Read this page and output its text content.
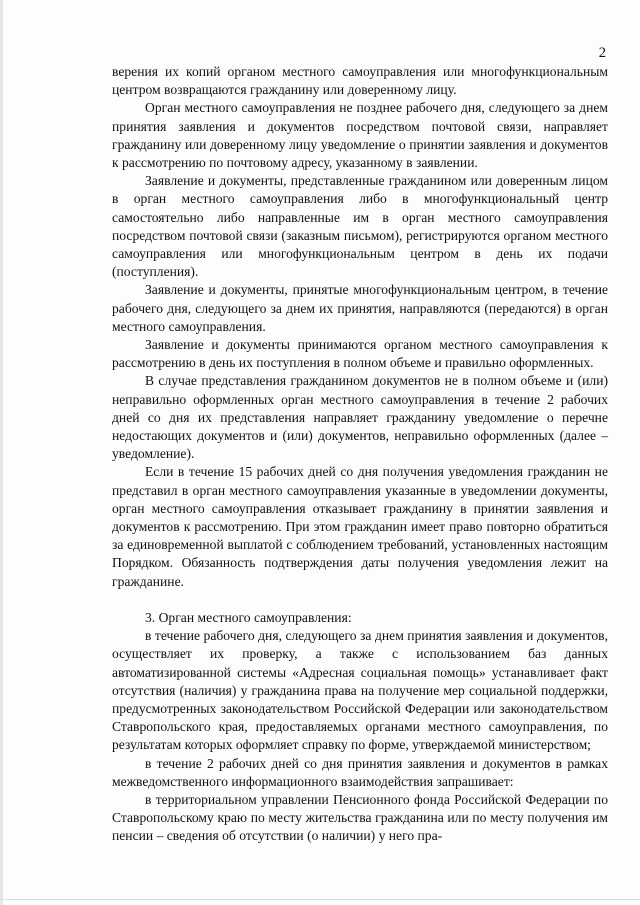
2

верения их копий органом местного самоуправления или многофункциональным центром возвращаются гражданину или доверенному лицу.

Орган местного самоуправления не позднее рабочего дня, следующего за днем принятия заявления и документов посредством почтовой связи, направляет гражданину или доверенному лицу уведомление о принятии заявления и документов к рассмотрению по почтовому адресу, указанному в заявлении.

Заявление и документы, представленные гражданином или доверенным лицом в орган местного самоуправления либо в многофункциональный центр самостоятельно либо направленные им в орган местного самоуправления посредством почтовой связи (заказным письмом), регистрируются органом местного самоуправления или многофункциональным центром в день их подачи (поступления).

Заявление и документы, принятые многофункциональным центром, в течение рабочего дня, следующего за днем их принятия, направляются (передаются) в орган местного самоуправления.

Заявление и документы принимаются органом местного самоуправления к рассмотрению в день их поступления в полном объеме и правильно оформленных.

В случае представления гражданином документов не в полном объеме и (или) неправильно оформленных орган местного самоуправления в течение 2 рабочих дней со дня их представления направляет гражданину уведомление о перечне недостающих документов и (или) документов, неправильно оформленных (далее – уведомление).

Если в течение 15 рабочих дней со дня получения уведомления гражданин не представил в орган местного самоуправления указанные в уведомлении документы, орган местного самоуправления отказывает гражданину в принятии заявления и документов к рассмотрению. При этом гражданин имеет право повторно обратиться за единовременной выплатой с соблюдением требований, установленных настоящим Порядком. Обязанность подтверждения даты получения уведомления лежит на гражданине.

3. Орган местного самоуправления:

в течение рабочего дня, следующего за днем принятия заявления и документов, осуществляет их проверку, а также с использованием баз данных автоматизированной системы «Адресная социальная помощь» устанавливает факт отсутствия (наличия) у гражданина права на получение мер социальной поддержки, предусмотренных законодательством Российской Федерации или законодательством Ставропольского края, предоставляемых органами местного самоуправления, по результатам которых оформляет справку по форме, утверждаемой министерством;

в течение 2 рабочих дней со дня принятия заявления и документов в рамках межведомственного информационного взаимодействия запрашивает:

в территориальном управлении Пенсионного фонда Российской Федерации по Ставропольскому краю по месту жительства гражданина или по месту получения им пенсии – сведения об отсутствии (о наличии) у него пра-
